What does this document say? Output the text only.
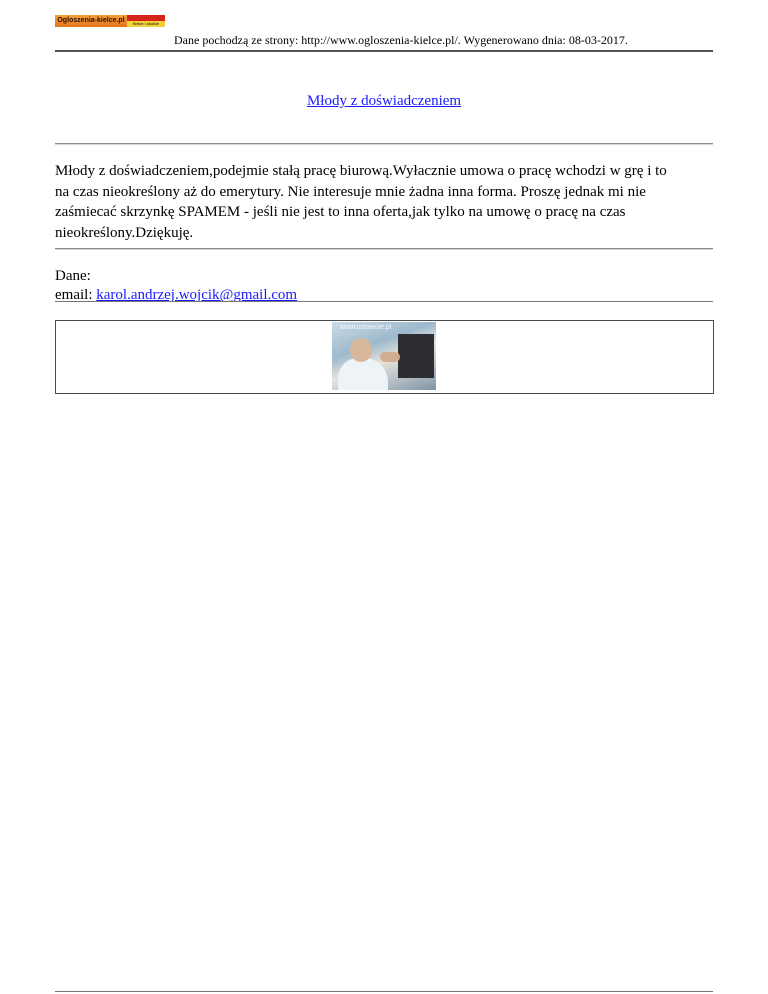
Ogloszenia-kielce.pl	Kielce i okolice
Dane pochodzą ze strony: http://www.ogloszenia-kielce.pl/. Wygenerowano dnia: 08-03-2017.
Młody z doświadczeniem

Młody z doświadczeniem,podejmie stałą pracę biurową.Wyłacznie umowa o pracę wchodzi w grę i to
na czas nieokreślony aż do emerytury. Nie interesuje mnie żadna inna forma. Proszę jednak mi nie
zaśmiecać skrzynkę SPAMEM - jeśli nie jest to inna oferta,jak tylko na umowę o pracę na czas
nieokreślony.Dziękuję.

Dane:
email: karol.andrzej.wojcik@gmail.com
www.ustawsie.pl
